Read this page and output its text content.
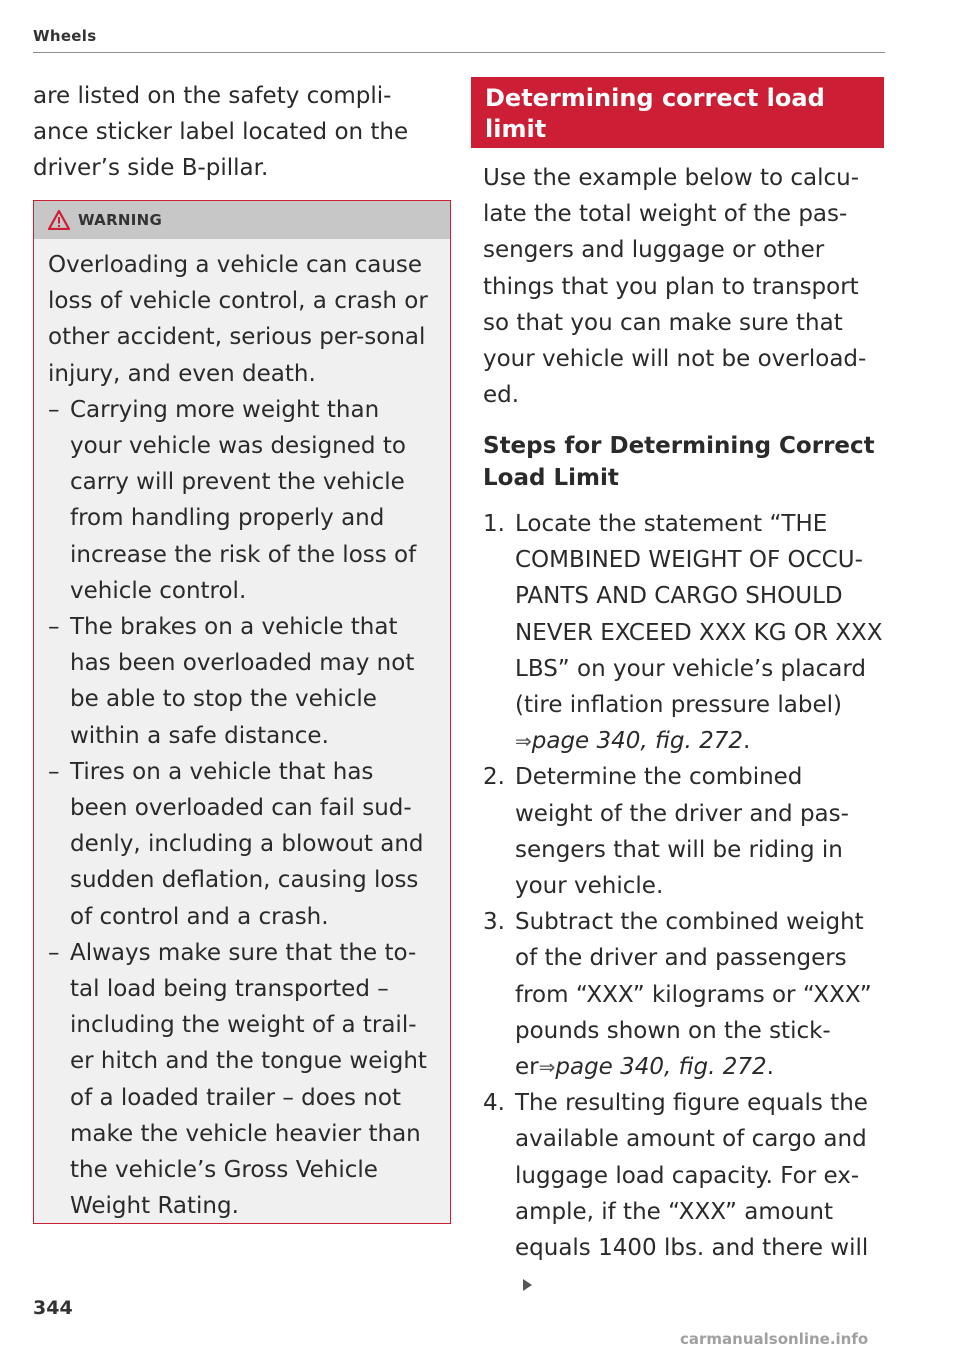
Wheels
are listed on the safety compli-
ance sticker label located on the
driver’s side B-pillar.
WARNING

Overloading a vehicle can cause loss of vehicle control, a crash or other accident, serious per-sonal injury, and even death.

– Carrying more weight than your vehicle was designed to carry will prevent the vehicle from handling properly and increase the risk of the loss of vehicle control.
– The brakes on a vehicle that has been overloaded may not be able to stop the vehicle within a safe distance.
– Tires on a vehicle that has been overloaded can fail sud-denly, including a blowout and sudden deflation, causing loss of control and a crash.
– Always make sure that the to-tal load being transported – including the weight of a trail-er hitch and the tongue weight of a loaded trailer – does not make the vehicle heavier than the vehicle’s Gross Vehicle Weight Rating.
Determining correct load limit

Use the example below to calcu-late the total weight of the pas-sengers and luggage or other things that you plan to transport so that you can make sure that your vehicle will not be overload-ed.

Steps for Determining Correct Load Limit
1. Locate the statement “THE COMBINED WEIGHT OF OCCU-PANTS AND CARGO SHOULD NEVER EXCEED XXX KG OR XXX LBS” on your vehicle’s placard (tire inflation pressure label) ⇒page 340, fig. 272.
2. Determine the combined weight of the driver and pas-sengers that will be riding in your vehicle.
3. Subtract the combined weight of the driver and passengers from “XXX” kilograms or “XXX” pounds shown on the stick-er⇒page 340, fig. 272.
4. The resulting figure equals the available amount of cargo and luggage load capacity. For ex-ample, if the “XXX” amount equals 1400 lbs. and there will
344
carmanualsonline.info
